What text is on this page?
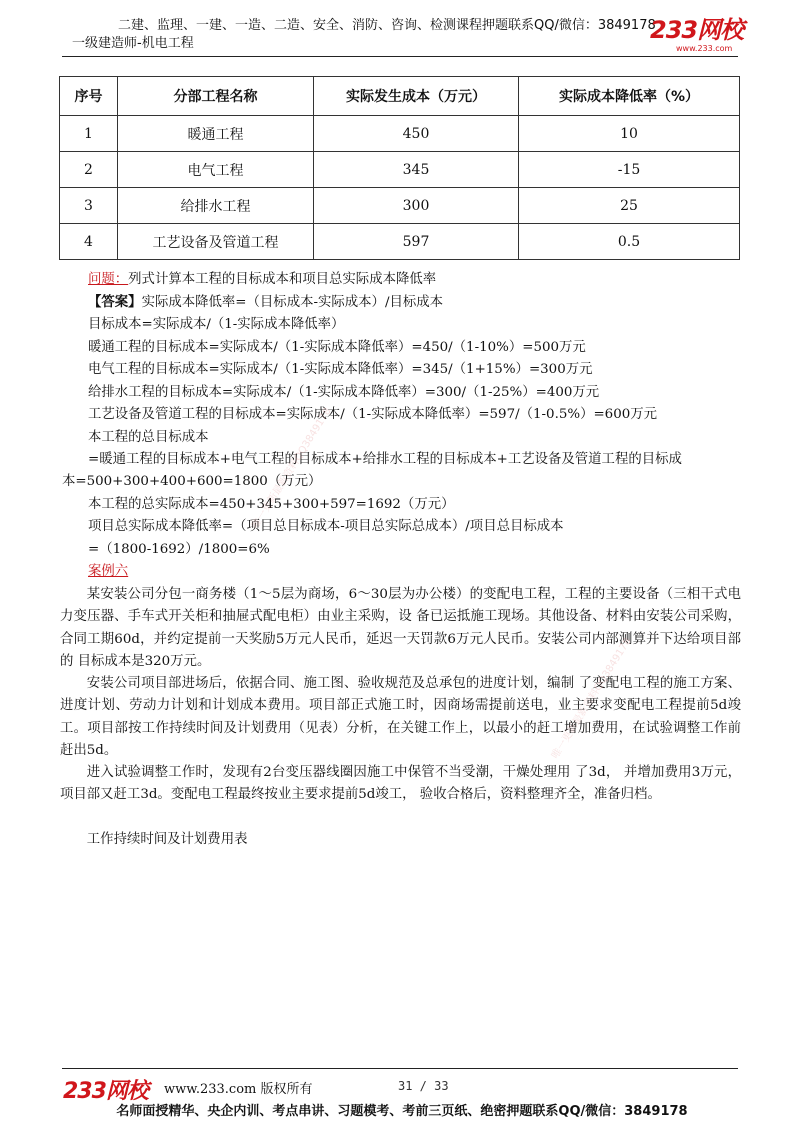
二建、监理、一建、一造、二造、安全、消防、咨询、检测课程押题联系QQ/微信：3849178
一级建造师-机电工程	233网校
www.233.com
序号	分部工程名称	实际发生成本（万元）	实际成本降低率（%）
1	暖通工程	450	10
2	电气工程	345	-15
3	给排水工程	300	25
4	工艺设备及管道工程	597	0.5
问题：列式计算本工程的目标成本和项目总实际成本降低率
【答案】实际成本降低率=（目标成本-实际成本）/目标成本
目标成本=实际成本/（1-实际成本降低率）
暖通工程的目标成本=实际成本/（1-实际成本降低率）=450/（1-10%）=500万元
电气工程的目标成本=实际成本/（1-实际成本降低率）=345/（1+15%）=300万元
给排水工程的目标成本=实际成本/（1-实际成本降低率）=300/（1-25%）=400万元
工艺设备及管道工程的目标成本=实际成本/（1-实际成本降低率）=597/（1-0.5%）=600万元
本工程的总目标成本
=暖通工程的目标成本+电气工程的目标成本+给排水工程的目标成本+工艺设备及管道工程的目标成
本=500+300+400+600=1800（万元）
本工程的总实际成本=450+345+300+597=1692（万元）
项目总实际成本降低率=（项目总目标成本-项目总实际总成本）/项目总目标成本
=（1800-1692）/1800=6%
案例六
某安装公司分包一商务楼（1～5层为商场，6～30层为办公楼）的变配电工程，工程的主要设备（三相干式电力变压器、手车式开关柜和抽屉式配电柜）由业主采购，设 备已运抵施工现场。其他设备、材料由安装公司采购，合同工期60d，并约定提前一天奖励5万元人民币，延迟一天罚款6万元人民币。安装公司内部测算并下达给项目部的 目标成本是320万元。
安装公司项目部进场后，依据合同、施工图、验收规范及总承包的进度计划，编制 了变配电工程的施工方案、进度计划、劳动力计划和计划成本费用。项目部正式施工时，因商场需提前送电，业主要求变配电工程提前5d竣工。项目部按工作持续时间及计划费用（见表）分析，在关键工作上，以最小的赶工增加费用，在试验调整工作前赶出5d。
进入试验调整工作时，发现有2台变压器线圈因施工中保管不当受潮，干燥处理用 了3d， 并增加费用3万元，项目部又赶工3d。变配电工程最终按业主要求提前5d竣工， 验收合格后，资料整理齐全，准备归档。
工作持续时间及计划费用表
唯一更新最新资料QQ3849178
唯一更新最新资料QQ3849178
233网校 www.233.com 版权所有	31 / 33
名师面授精华、央企内训、考点串讲、习题模考、考前三页纸、绝密押题联系QQ/微信：3849178
